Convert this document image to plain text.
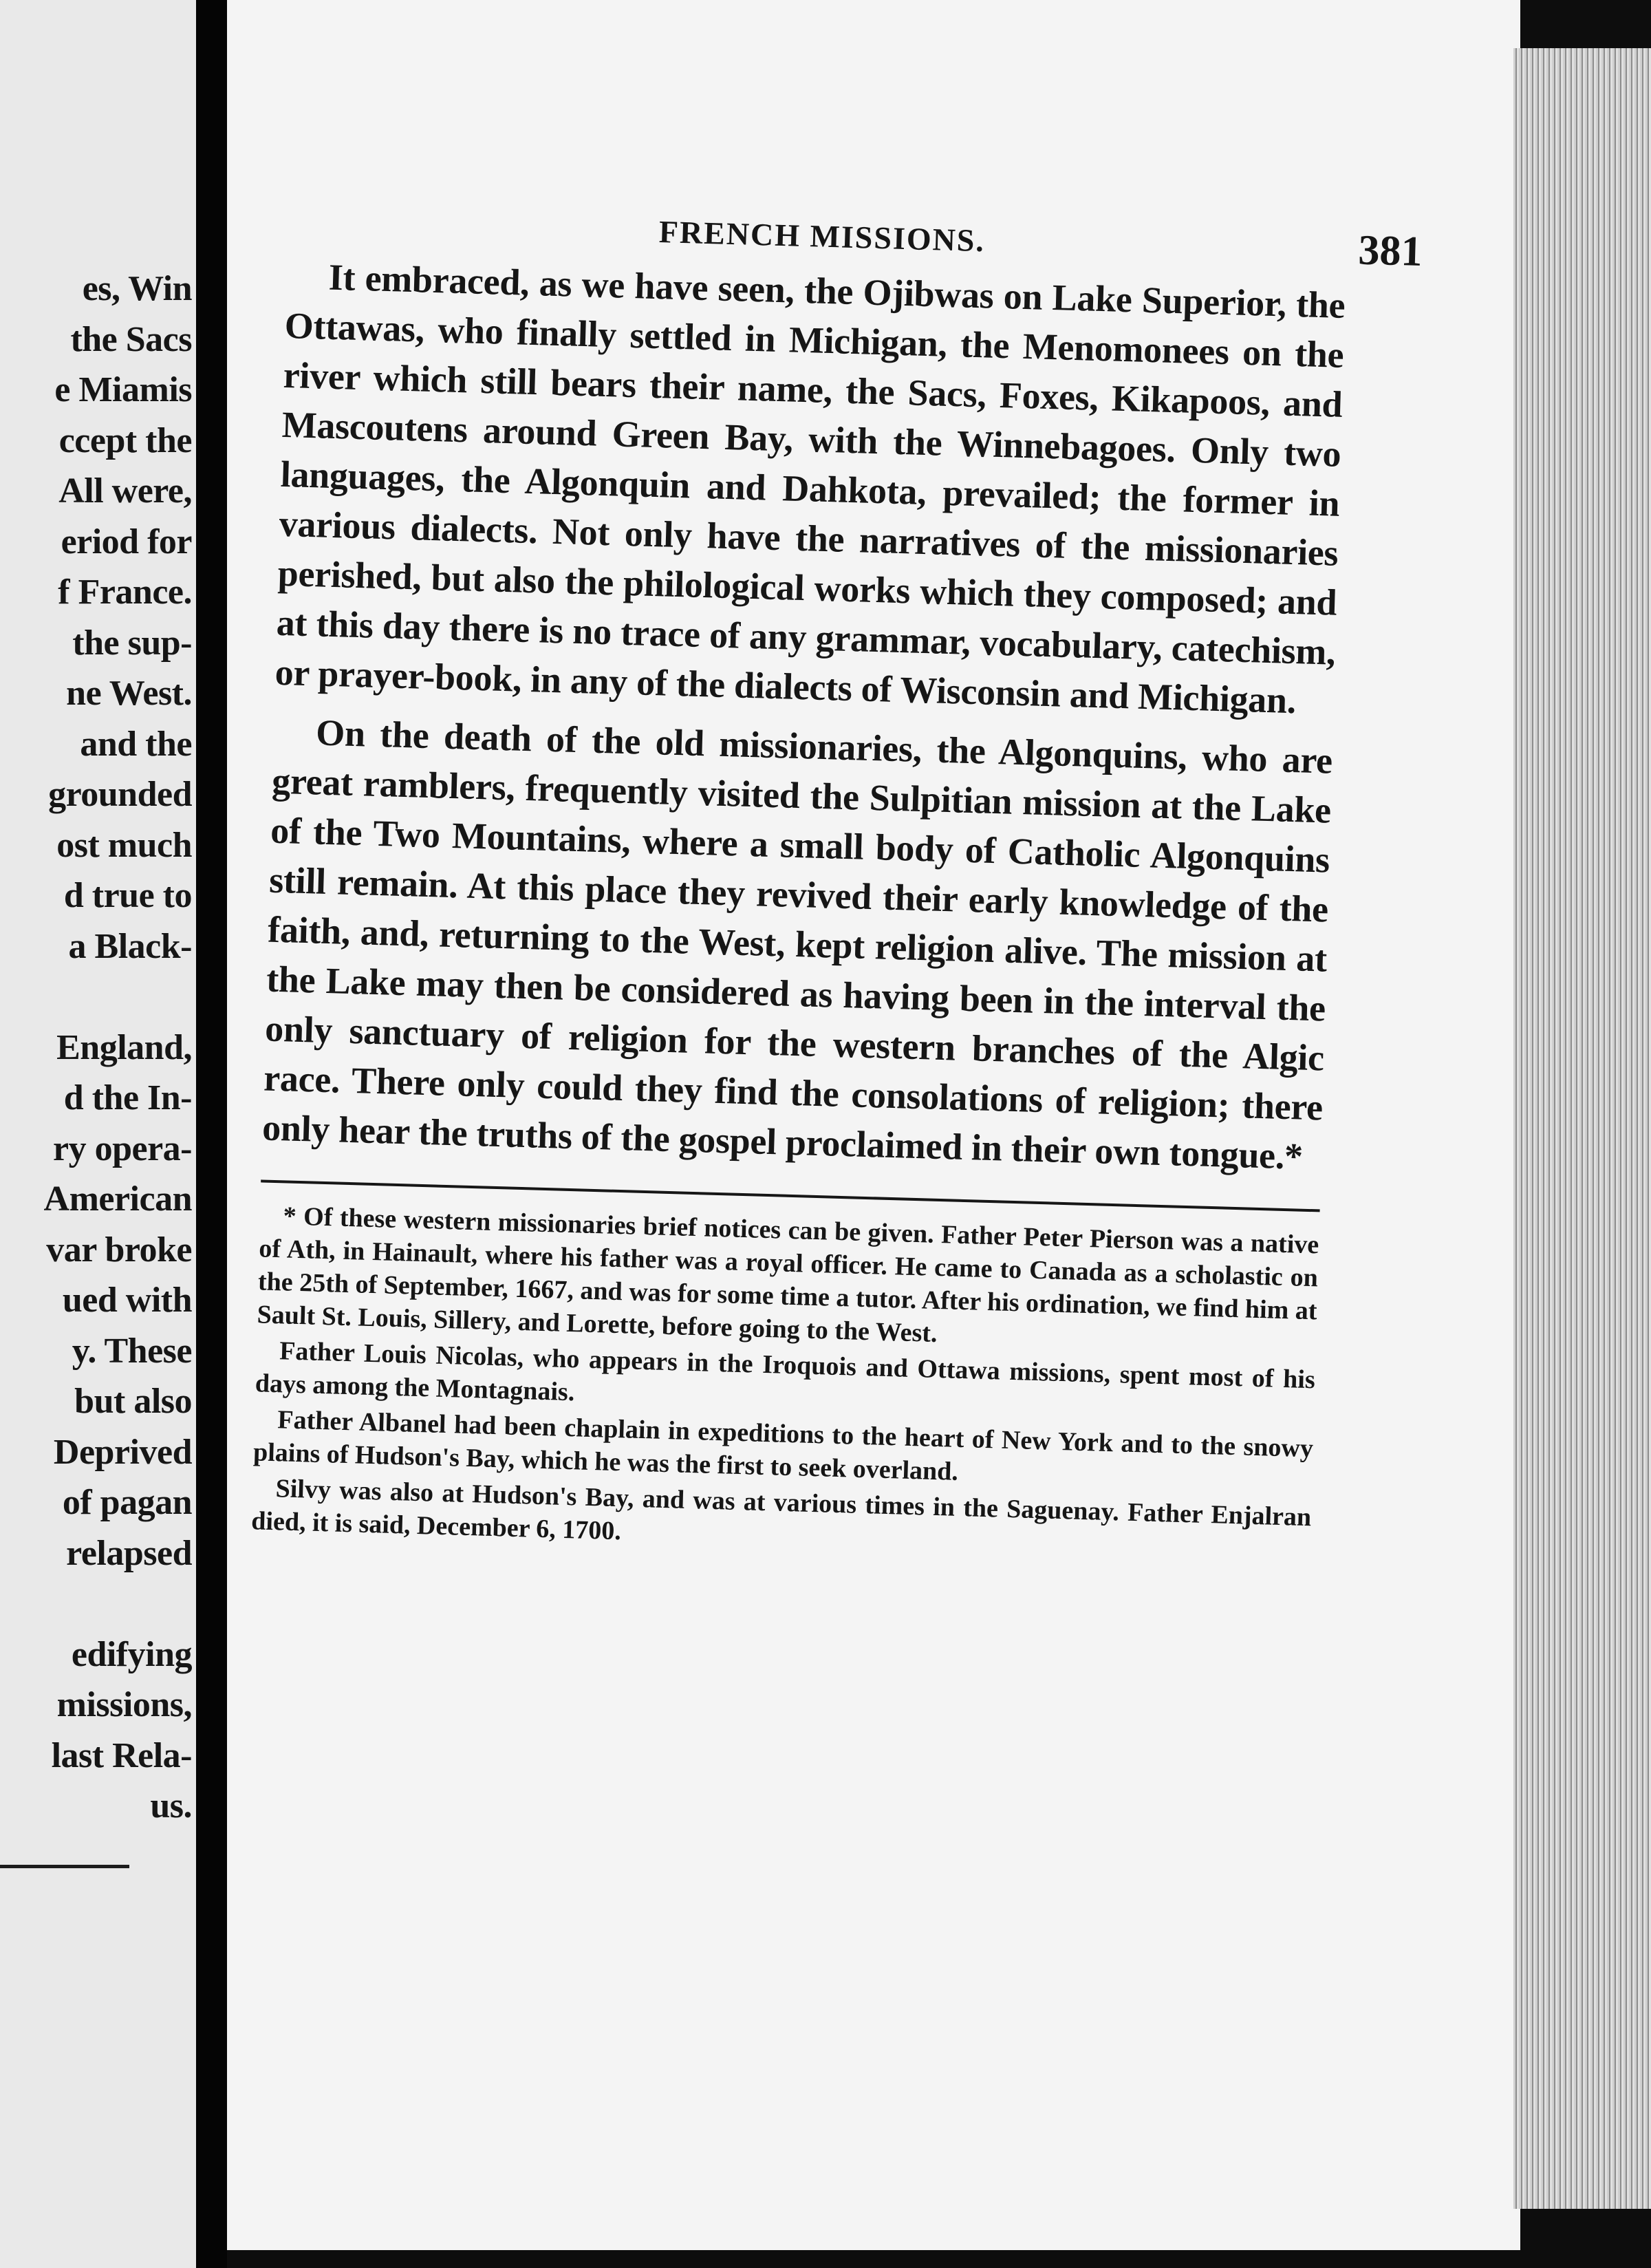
es, Win
the Sacs
e Miamis
ccept the
All were,
eriod for
f France.
the sup-
ne West.
and the
grounded
ost much
d true to
a Black-
England,
d the In-
ry opera-
American
var broke
ued with
y. These
but also
Deprived
of pagan
relapsed
edifying
missions,
last Rela-
us.
FRENCH MISSIONS.	381

It embraced, as we have seen, the Ojibwas on Lake Superior, the Ottawas, who finally settled in Michigan, the Menomonees on the river which still bears their name, the Sacs, Foxes, Kikapoos, and Mascoutens around Green Bay, with the Winnebagoes. Only two languages, the Algonquin and Dahkota, prevailed; the former in various dialects. Not only have the narratives of the missionaries perished, but also the philological works which they composed; and at this day there is no trace of any grammar, vocabulary, catechism, or prayer-book, in any of the dialects of Wisconsin and Michigan.

On the death of the old missionaries, the Algonquins, who are great ramblers, frequently visited the Sulpitian mission at the Lake of the Two Mountains, where a small body of Catholic Algonquins still remain. At this place they revived their early knowledge of the faith, and, returning to the West, kept religion alive. The mission at the Lake may then be considered as having been in the interval the only sanctuary of religion for the western branches of the Algic race. There only could they find the consolations of religion; there only hear the truths of the gospel proclaimed in their own tongue.*

* Of these western missionaries brief notices can be given. Father Peter Pierson was a native of Ath, in Hainault, where his father was a royal officer. He came to Canada as a scholastic on the 25th of September, 1667, and was for some time a tutor. After his ordination, we find him at Sault St. Louis, Sillery, and Lorette, before going to the West.

Father Louis Nicolas, who appears in the Iroquois and Ottawa missions, spent most of his days among the Montagnais.

Father Albanel had been chaplain in expeditions to the heart of New York and to the snowy plains of Hudson's Bay, which he was the first to seek overland.

Silvy was also at Hudson's Bay, and was at various times in the Saguenay. Father Enjalran died, it is said, December 6, 1700.
